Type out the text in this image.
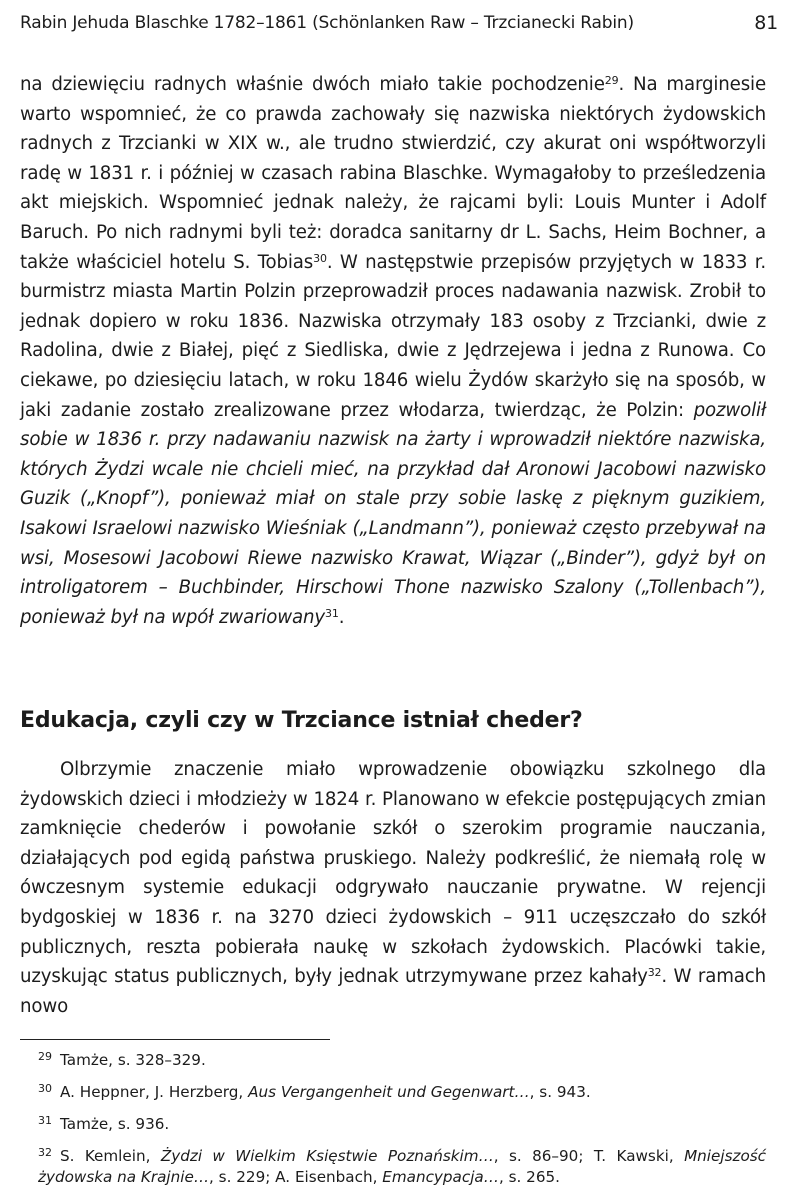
Rabin Jehuda Blaschke 1782–1861 (Schönlanken Raw – Trzcianecki Rabin)	81

na dziewięciu radnych właśnie dwóch miało takie pochodzenie$^{29}$. Na marginesie warto wspomnieć, że co prawda zachowały się nazwiska niektórych żydowskich radnych z Trzcianki w XIX w., ale trudno stwierdzić, czy akurat oni współtworzyli radę w 1831 r. i później w czasach rabina Blaschke. Wymagałoby to prześledzenia akt miejskich. Wspomnieć jednak należy, że rajcami byli: Louis Munter i Adolf Baruch. Po nich radnymi byli też: doradca sanitarny dr L. Sachs, Heim Bochner, a także właściciel hotelu S. Tobias$^{30}$. W następstwie przepisów przyjętych w 1833 r. burmistrz miasta Martin Polzin przeprowadził proces nadawania nazwisk. Zrobił to jednak dopiero w roku 1836. Nazwiska otrzymały 183 osoby z Trzcianki, dwie z Radolina, dwie z Białej, pięć z Siedliska, dwie z Jędrzejewa i jedna z Runowa. Co ciekawe, po dziesięciu latach, w roku 1846 wielu Żydów skarżyło się na sposób, w jaki zadanie zostało zrealizowane przez włodarza, twierdząc, że Polzin: pozwolił sobie w 1836 r. przy nadawaniu nazwisk na żarty i wprowadził niektóre nazwiska, których Żydzi wcale nie chcieli mieć, na przykład dał Aronowi Jacobowi nazwisko Guzik („Knopf”), ponieważ miał on stale przy sobie laskę z pięknym guzikiem, Isakowi Israelowi nazwisko Wieśniak („Landmann”), ponieważ często przebywał na wsi, Mosesowi Jacobowi Riewe nazwisko Krawat, Wiązar („Binder”), gdyż był on introligatorem – Buchbinder, Hirschowi Thone nazwisko Szalony („Tollenbach”), ponieważ był na wpół zwariowany$^{31}$.

Edukacja, czyli czy w Trzciance istniał cheder?

Olbrzymie znaczenie miało wprowadzenie obowiązku szkolnego dla żydowskich dzieci i młodzieży w 1824 r. Planowano w efekcie postępujących zmian zamknięcie chederów i powołanie szkół o szerokim programie nauczania, działających pod egidą państwa pruskiego. Należy podkreślić, że niemałą rolę w ówczesnym systemie edukacji odgrywało nauczanie prywatne. W rejencji bydgoskiej w 1836 r. na 3270 dzieci żydowskich – 911 uczęszczało do szkół publicznych, reszta pobierała naukę w szkołach żydowskich. Placówki takie, uzyskując status publicznych, były jednak utrzymywane przez kahały$^{32}$. W ramach nowo

$^{29}$ Tamże, s. 328–329.
$^{30}$ A. Heppner, J. Herzberg, Aus Vergangenheit und Gegenwart…, s. 943.
$^{31}$ Tamże, s. 936.
$^{32}$ S. Kemlein, Żydzi w Wielkim Księstwie Poznańskim…, s. 86–90; T. Kawski, Mniejszość żydowska na Krajnie…, s. 229; A. Eisenbach, Emancypacja…, s. 265.
